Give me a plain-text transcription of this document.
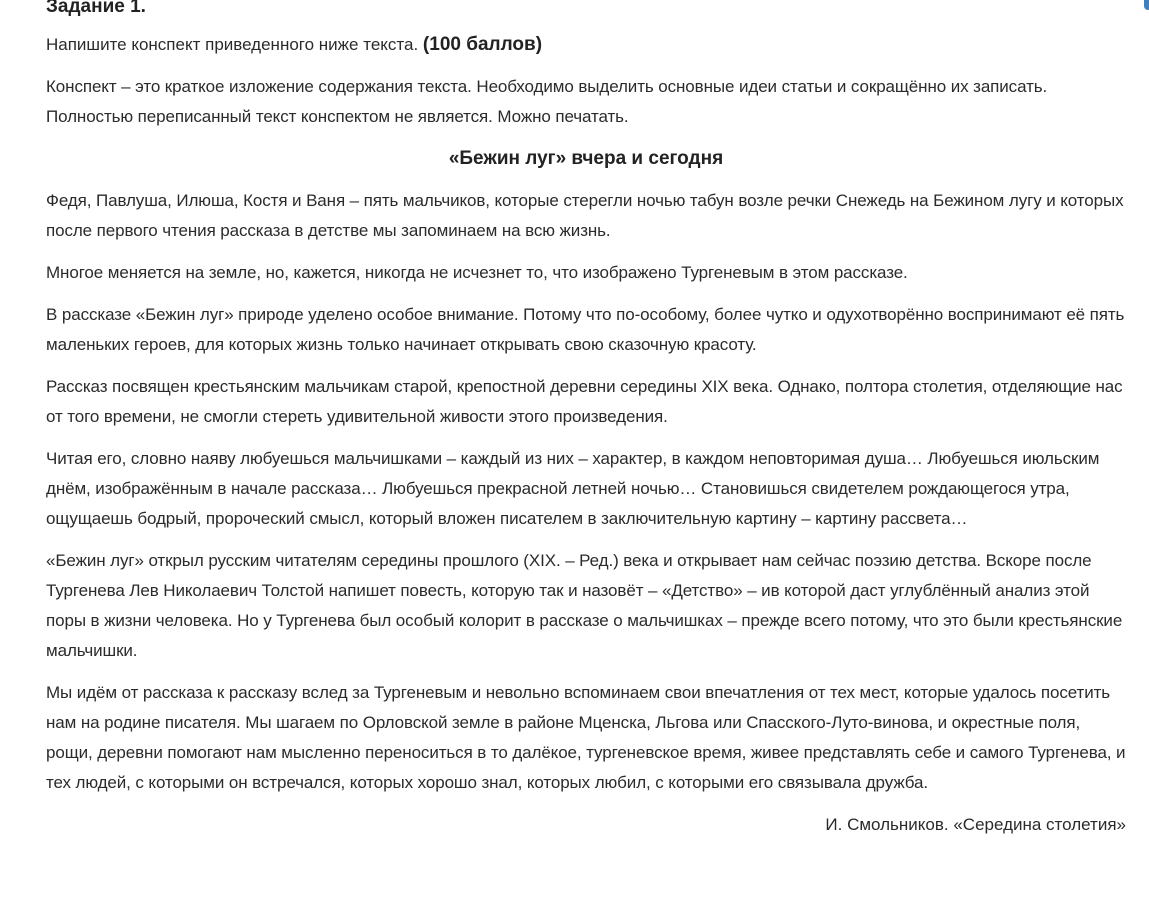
Задание 1.

Напишите конспект приведенного ниже текста. (100 баллов)

Конспект – это краткое изложение содержания текста. Необходимо выделить основные идеи статьи и сокращённо их записать. Полностью переписанный текст конспектом не является. Можно печатать.

«Бежин луг» вчера и сегодня

Федя, Павлуша, Илюша, Костя и Ваня – пять мальчиков, которые стерегли ночью табун возле речки Снежедь на Бежином лугу и которых после первого чтения рассказа в детстве мы запоминаем на всю жизнь.

Многое меняется на земле, но, кажется, никогда не исчезнет то, что изображено Тургеневым в этом рассказе.

В рассказе «Бежин луг» природе уделено особое внимание. Потому что по-особому, более чутко и одухотворённо воспринимают её пять маленьких героев, для которых жизнь только начинает открывать свою сказочную красоту.

Рассказ посвящен крестьянским мальчикам старой, крепостной деревни середины XIX века. Однако, полтора столетия, отделяющие нас от того времени, не смогли стереть удивительной живости этого произведения.

Читая его, словно наяву любуешься мальчишками – каждый из них – характер, в каждом неповторимая душа… Любуешься июльским днём, изображённым в начале рассказа… Любуешься прекрасной летней ночью… Становишься свидетелем рождающегося утра, ощущаешь бодрый, пророческий смысл, который вложен писателем в заключительную картину – картину рассвета…

«Бежин луг» открыл русским читателям середины прошлого (XIX. – Ред.) века и открывает нам сейчас поэзию детства. Вскоре после Тургенева Лев Николаевич Толстой напишет повесть, которую так и назовёт – «Детство» – ив которой даст углублённый анализ этой поры в жизни человека. Но у Тургенева был особый колорит в рассказе о мальчишках – прежде всего потому, что это были крестьянские мальчишки.

Мы идём от рассказа к рассказу вслед за Тургеневым и невольно вспоминаем свои впечатления от тех мест, которые удалось посетить нам на родине писателя. Мы шагаем по Орловской земле в районе Мценска, Льгова или Спасского-Луто-винова, и окрестные поля, рощи, деревни помогают нам мысленно переноситься в то далёкое, тургеневское время, живее представлять себе и самого Тургенева, и тех людей, с которыми он встречался, которых хорошо знал, которых любил, с которыми его связывала дружба.

И. Смольников. «Середина столетия»
